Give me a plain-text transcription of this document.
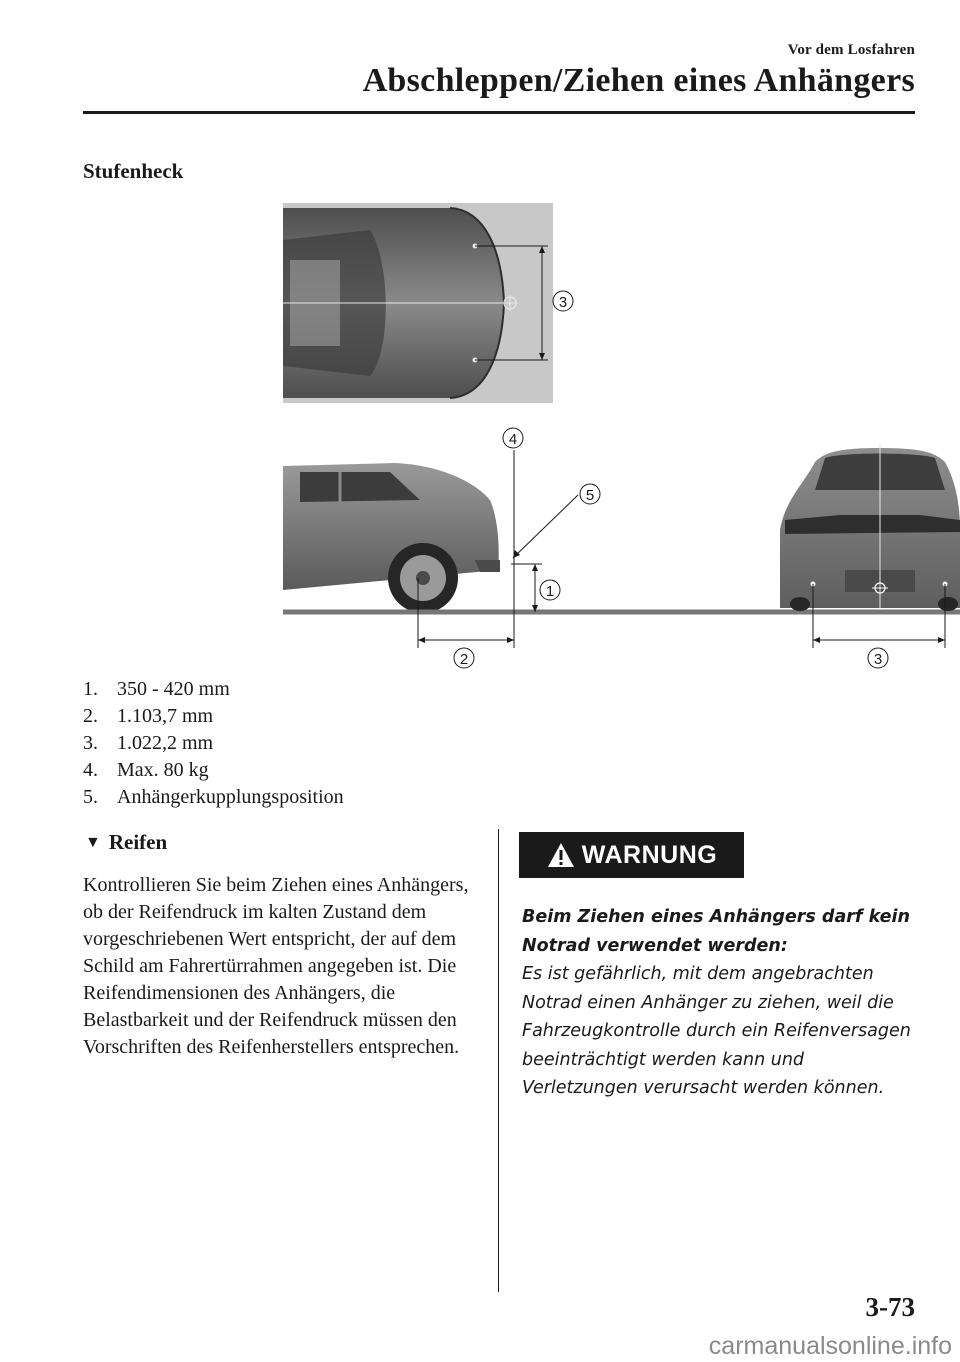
Vor dem Losfahren
Abschleppen/Ziehen eines Anhängers
Stufenheck
3
4
5
1
2	3
1. 350 - 420 mm
2. 1.103,7 mm
3. 1.022,2 mm
4. Max. 80 kg
5. Anhängerkupplungsposition
▼ Reifen
Kontrollieren Sie beim Ziehen eines Anhängers, ob der Reifendruck im kalten Zustand dem vorgeschriebenen Wert entspricht, der auf dem Schild am Fahrertürrahmen angegeben ist. Die Reifendimensionen des Anhängers, die Belastbarkeit und der Reifendruck müssen den Vorschriften des Reifenherstellers entsprechen.
WARNUNG
Beim Ziehen eines Anhängers darf kein Notrad verwendet werden:
Es ist gefährlich, mit dem angebrachten Notrad einen Anhänger zu ziehen, weil die Fahrzeugkontrolle durch ein Reifenversagen beeinträchtigt werden kann und Verletzungen verursacht werden können.
3-73
carmanualsonline.info
